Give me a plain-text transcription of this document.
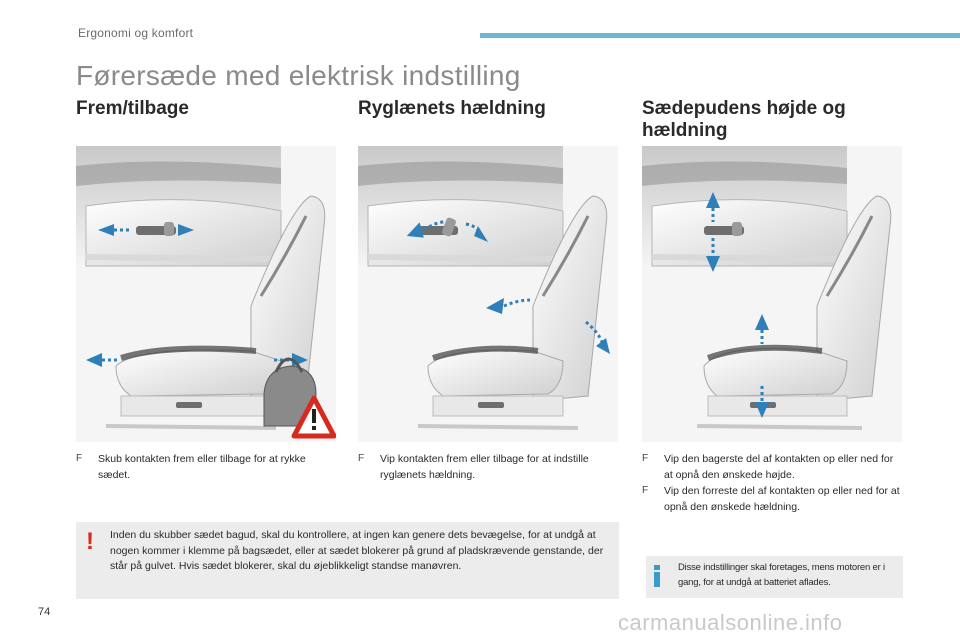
Ergonomi og komfort
Førersæde med elektrisk indstilling
Frem/tilbage	Ryglænets hældning	Sædepudens højde og hældning
F	Skub kontakten frem eller tilbage for at rykke sædet.
F	Vip kontakten frem eller tilbage for at indstille ryglænets hældning.
F	Vip den bagerste del af kontakten op eller ned for at opnå den ønskede højde.
F	Vip den forreste del af kontakten op eller ned for at opnå den ønskede hældning.
!	Inden du skubber sædet bagud, skal du kontrollere, at ingen kan genere dets bevægelse, for at undgå at nogen kommer i klemme på bagsædet, eller at sædet blokerer på grund af pladskrævende genstande, der står på gulvet. Hvis sædet blokerer, skal du øjeblikkeligt standse manøvren.	Disse indstillinger skal foretages, mens motoren er i gang, for at undgå at batteriet aflades.

74	carmanualsonline.info
